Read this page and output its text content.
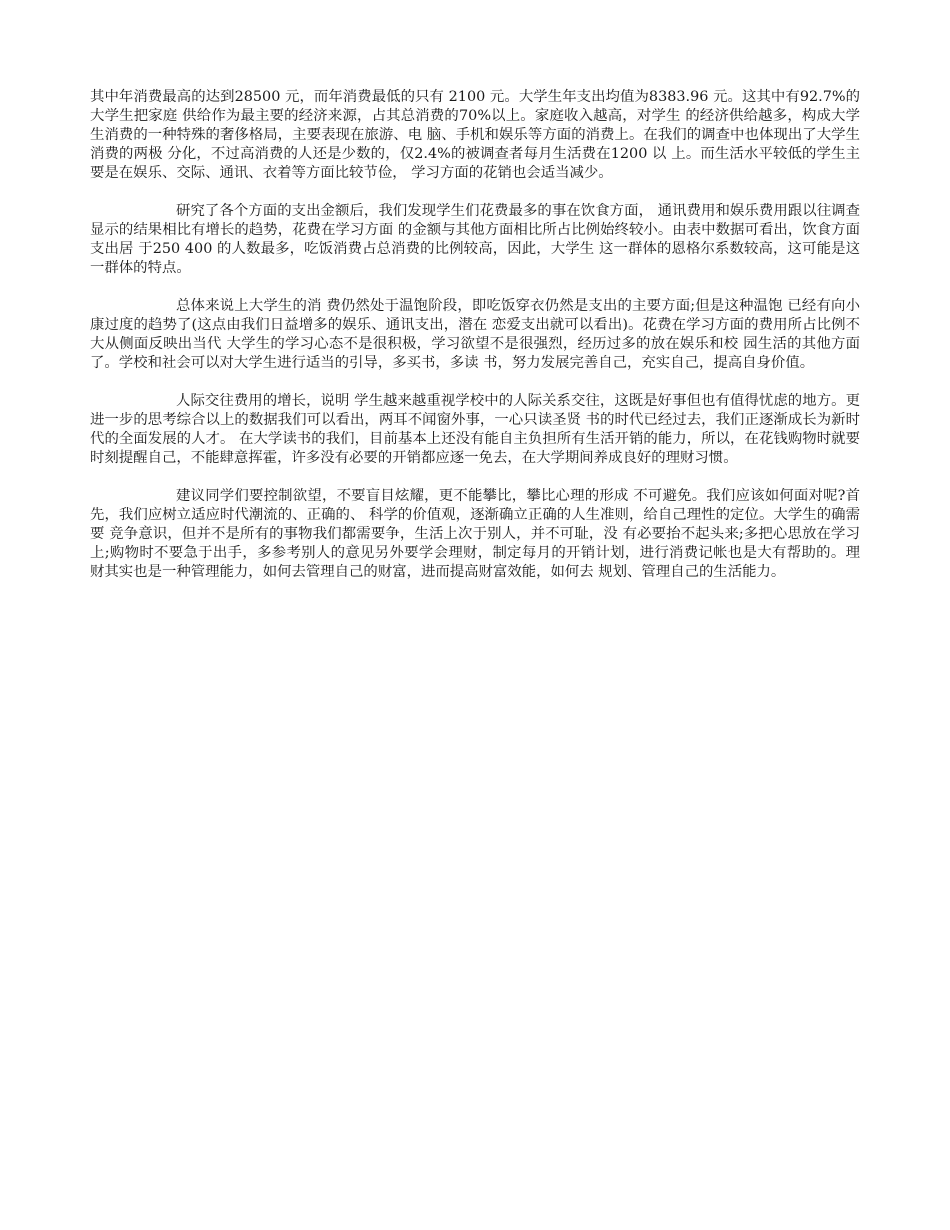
其中年消费最高的达到28500 元，而年消费最低的只有 2100 元。大学生年支出均值为8383.96 元。这其中有92.7%的大学生把家庭 供给作为最主要的经济来源，占其总消费的70%以上。家庭收入越高，对学生 的经济供给越多，构成大学生消费的一种特殊的奢侈格局，主要表现在旅游、电 脑、手机和娱乐等方面的消费上。在我们的调查中也体现出了大学生消费的两极 分化，不过高消费的人还是少数的，仅2.4%的被调查者每月生活费在1200 以 上。而生活水平较低的学生主要是在娱乐、交际、通讯、衣着等方面比较节俭， 学习方面的花销也会适当减少。

研究了各个方面的支出金额后，我们发现学生们花费最多的事在饮食方面， 通讯费用和娱乐费用跟以往调查显示的结果相比有增长的趋势，花费在学习方面 的金额与其他方面相比所占比例始终较小。由表中数据可看出，饮食方面支出居 于250 400 的人数最多，吃饭消费占总消费的比例较高，因此，大学生 这一群体的恩格尔系数较高，这可能是这一群体的特点。

总体来说上大学生的消 费仍然处于温饱阶段，即吃饭穿衣仍然是支出的主要方面;但是这种温饱 已经有向小康过度的趋势了(这点由我们日益增多的娱乐、通讯支出，潜在 恋爱支出就可以看出)。花费在学习方面的费用所占比例不大从侧面反映出当代 大学生的学习心态不是很积极，学习欲望不是很强烈，经历过多的放在娱乐和校 园生活的其他方面了。学校和社会可以对大学生进行适当的引导，多买书，多读 书，努力发展完善自己，充实自己，提高自身价值。

人际交往费用的增长，说明 学生越来越重视学校中的人际关系交往，这既是好事但也有值得忧虑的地方。更 进一步的思考综合以上的数据我们可以看出，两耳不闻窗外事，一心只读圣贤 书的时代已经过去，我们正逐渐成长为新时代的全面发展的人才。 在大学读书的我们，目前基本上还没有能自主负担所有生活开销的能力，所以，在花钱购物时就要时刻提醒自己，不能肆意挥霍，许多没有必要的开销都应逐一免去，在大学期间养成良好的理财习惯。

建议同学们要控制欲望，不要盲目炫耀，更不能攀比，攀比心理的形成 不可避免。我们应该如何面对呢?首先，我们应树立适应时代潮流的、正确的、 科学的价值观，逐渐确立正确的人生准则，给自己理性的定位。大学生的确需要 竞争意识，但并不是所有的事物我们都需要争，生活上次于别人，并不可耻，没 有必要抬不起头来;多把心思放在学习上;购物时不要急于出手，多参考别人的意见另外要学会理财，制定每月的开销计划，进行消费记帐也是大有帮助的。理 财其实也是一种管理能力，如何去管理自己的财富，进而提高财富效能，如何去 规划、管理自己的生活能力。
